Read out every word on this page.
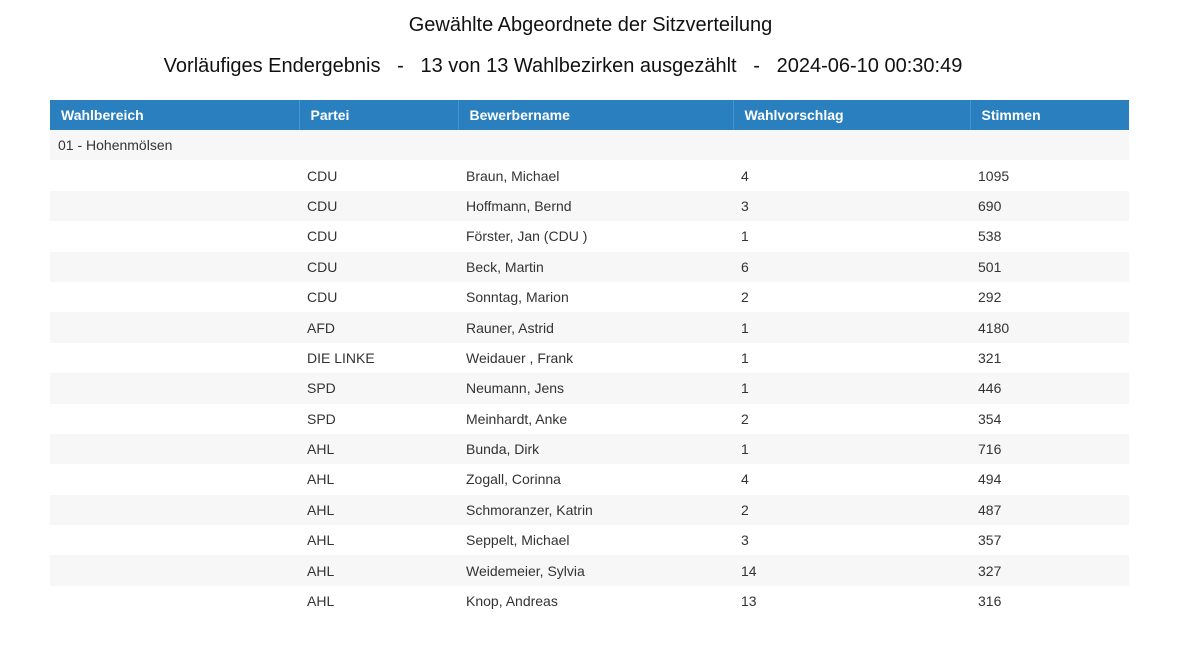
Gewählte Abgeordnete der Sitzverteilung
Vorläufiges Endergebnis   -   13 von 13 Wahlbezirken ausgezählt   -   2024-06-10 00:30:49
Wahlbereich	Partei	Bewerbername	Wahlvorschlag	Stimmen
01 - Hohenmölsen				
	CDU	Braun, Michael	4	1095
	CDU	Hoffmann, Bernd	3	690
	CDU	Förster, Jan (CDU )	1	538
	CDU	Beck, Martin	6	501
	CDU	Sonntag, Marion	2	292
	AFD	Rauner, Astrid	1	4180
	DIE LINKE	Weidauer , Frank	1	321
	SPD	Neumann, Jens	1	446
	SPD	Meinhardt, Anke	2	354
	AHL	Bunda, Dirk	1	716
	AHL	Zogall, Corinna	4	494
	AHL	Schmoranzer, Katrin	2	487
	AHL	Seppelt, Michael	3	357
	AHL	Weidemeier, Sylvia	14	327
	AHL	Knop, Andreas	13	316
